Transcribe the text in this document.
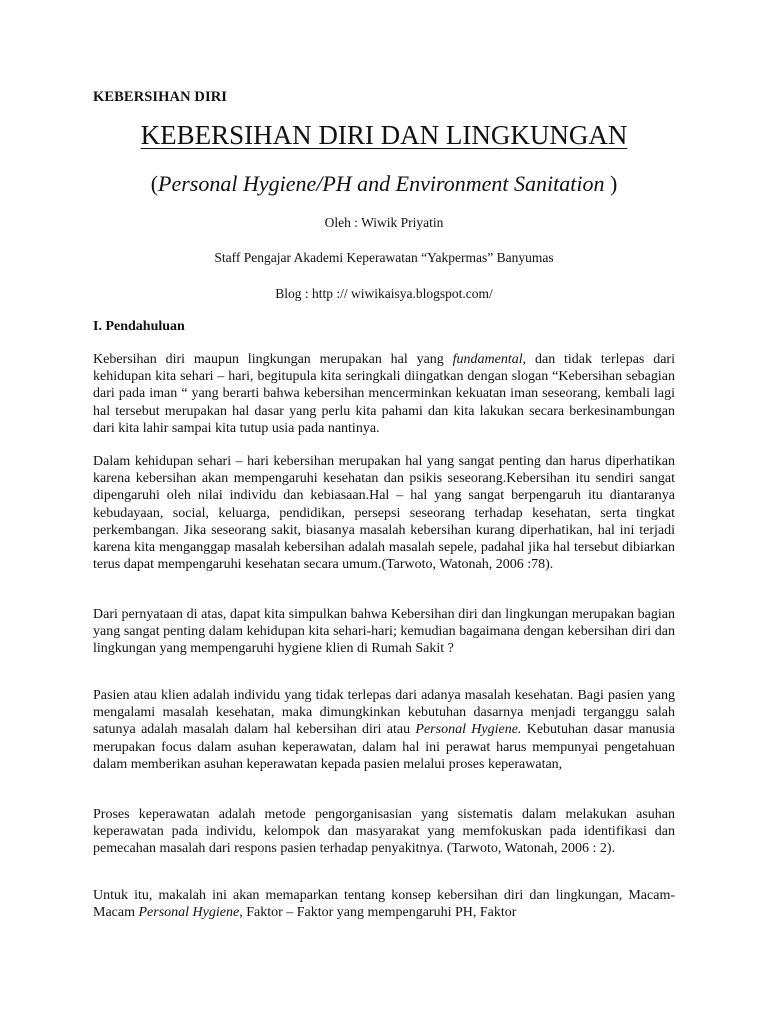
KEBERSIHAN DIRI
KEBERSIHAN DIRI DAN LINGKUNGAN
(Personal Hygiene/PH and Environment Sanitation )
Oleh : Wiwik Priyatin
Staff Pengajar Akademi Keperawatan “Yakpermas” Banyumas
Blog : http :// wiwikaisya.blogspot.com/
I. Pendahuluan

Kebersihan diri maupun lingkungan merupakan hal yang fundamental, dan tidak terlepas dari kehidupan kita sehari – hari, begitupula kita seringkali diingatkan dengan slogan “Kebersihan sebagian dari pada iman “ yang berarti bahwa kebersihan mencerminkan kekuatan iman seseorang, kembali lagi hal tersebut merupakan hal dasar yang perlu kita pahami dan kita lakukan secara berkesinambungan dari kita lahir sampai kita tutup usia pada nantinya.

Dalam kehidupan sehari – hari kebersihan merupakan hal yang sangat penting dan harus diperhatikan karena kebersihan akan mempengaruhi kesehatan dan psikis seseorang.Kebersihan itu sendiri sangat dipengaruhi oleh nilai individu dan kebiasaan.Hal – hal yang sangat berpengaruh itu diantaranya kebudayaan, social, keluarga, pendidikan, persepsi seseorang terhadap kesehatan, serta tingkat perkembangan. Jika seseorang sakit, biasanya masalah kebersihan kurang diperhatikan, hal ini terjadi karena kita menganggap masalah kebersihan adalah masalah sepele, padahal jika hal tersebut dibiarkan terus dapat mempengaruhi kesehatan secara umum.(Tarwoto, Watonah, 2006 :78).

Dari pernyataan di atas, dapat kita simpulkan bahwa Kebersihan diri dan lingkungan merupakan bagian yang sangat penting dalam kehidupan kita sehari-hari; kemudian bagaimana dengan kebersihan diri dan lingkungan yang mempengaruhi hygiene klien di Rumah Sakit ?

Pasien atau klien adalah individu yang tidak terlepas dari adanya masalah kesehatan. Bagi pasien yang mengalami masalah kesehatan, maka dimungkinkan kebutuhan dasarnya menjadi terganggu salah satunya adalah masalah dalam hal kebersihan diri atau Personal Hygiene. Kebutuhan dasar manusia merupakan focus dalam asuhan keperawatan, dalam hal ini perawat harus mempunyai pengetahuan dalam memberikan asuhan keperawatan kepada pasien melalui proses keperawatan,

Proses keperawatan adalah metode pengorganisasian yang sistematis dalam melakukan asuhan keperawatan pada individu, kelompok dan masyarakat yang memfokuskan pada identifikasi dan pemecahan masalah dari respons pasien terhadap penyakitnya. (Tarwoto, Watonah, 2006 : 2).

Untuk itu, makalah ini akan memaparkan tentang konsep kebersihan diri dan lingkungan, Macam-Macam Personal Hygiene, Faktor – Faktor yang mempengaruhi PH, Faktor
